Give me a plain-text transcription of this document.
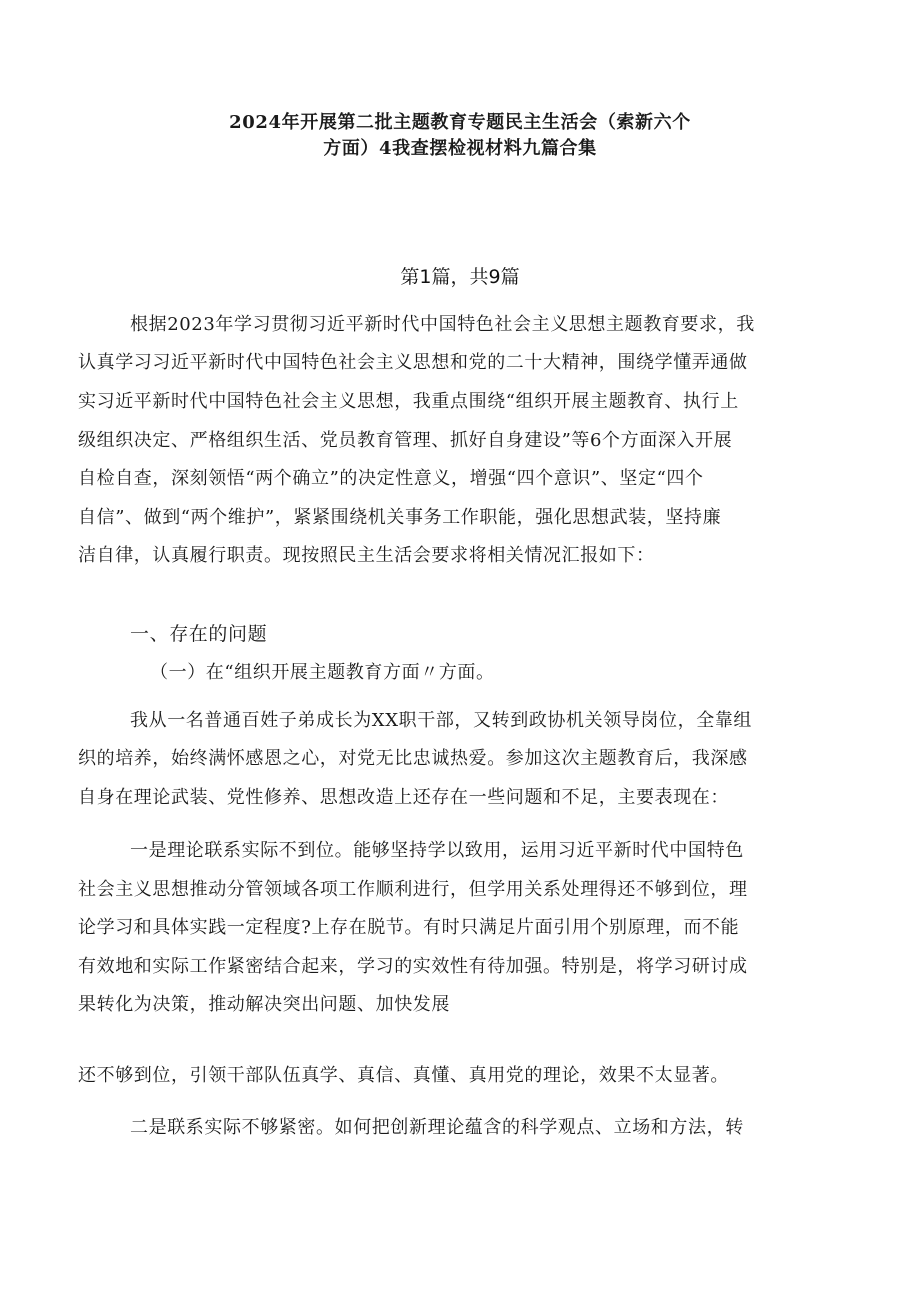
2024年开展第二批主题教育专题民主生活会（索新六个
方面）4我查摆检视材料九篇合集
第1篇，共9篇
根据2023年学习贯彻习近平新时代中国特色社会主义思想主题教育要求，我
认真学习习近平新时代中国特色社会主义思想和党的二十大精神，围绕学懂弄通做
实习近平新时代中国特色社会主义思想，我重点围绕“组织开展主题教育、执行上
级组织决定、严格组织生活、党员教育管理、抓好自身建设”等6个方面深入开展
自检自查，深刻领悟“两个确立”的决定性意义，增强“四个意识”、坚定“四个
自信”、做到“两个维护”，紧紧围绕机关事务工作职能，强化思想武装，坚持廉
洁自律，认真履行职责。现按照民主生活会要求将相关情况汇报如下：
一、存在的问题
（一）在“组织开展主题教育方面〃方面。
我从一名普通百姓子弟成长为XX职干部，又转到政协机关领导岗位，全靠组
织的培养，始终满怀感恩之心，对党无比忠诚热爱。参加这次主题教育后，我深感
自身在理论武装、党性修养、思想改造上还存在一些问题和不足，主要表现在：
一是理论联系实际不到位。能够坚持学以致用，运用习近平新时代中国特色
社会主义思想推动分管领域各项工作顺利进行，但学用关系处理得还不够到位，理
论学习和具体实践一定程度?上存在脱节。有时只满足片面引用个别原理，而不能
有效地和实际工作紧密结合起来，学习的实效性有待加强。特别是，将学习研讨成
果转化为决策，推动解决突出问题、加快发展
还不够到位，引领干部队伍真学、真信、真懂、真用党的理论，效果不太显著。
二是联系实际不够紧密。如何把创新理论蕴含的科学观点、立场和方法，转
